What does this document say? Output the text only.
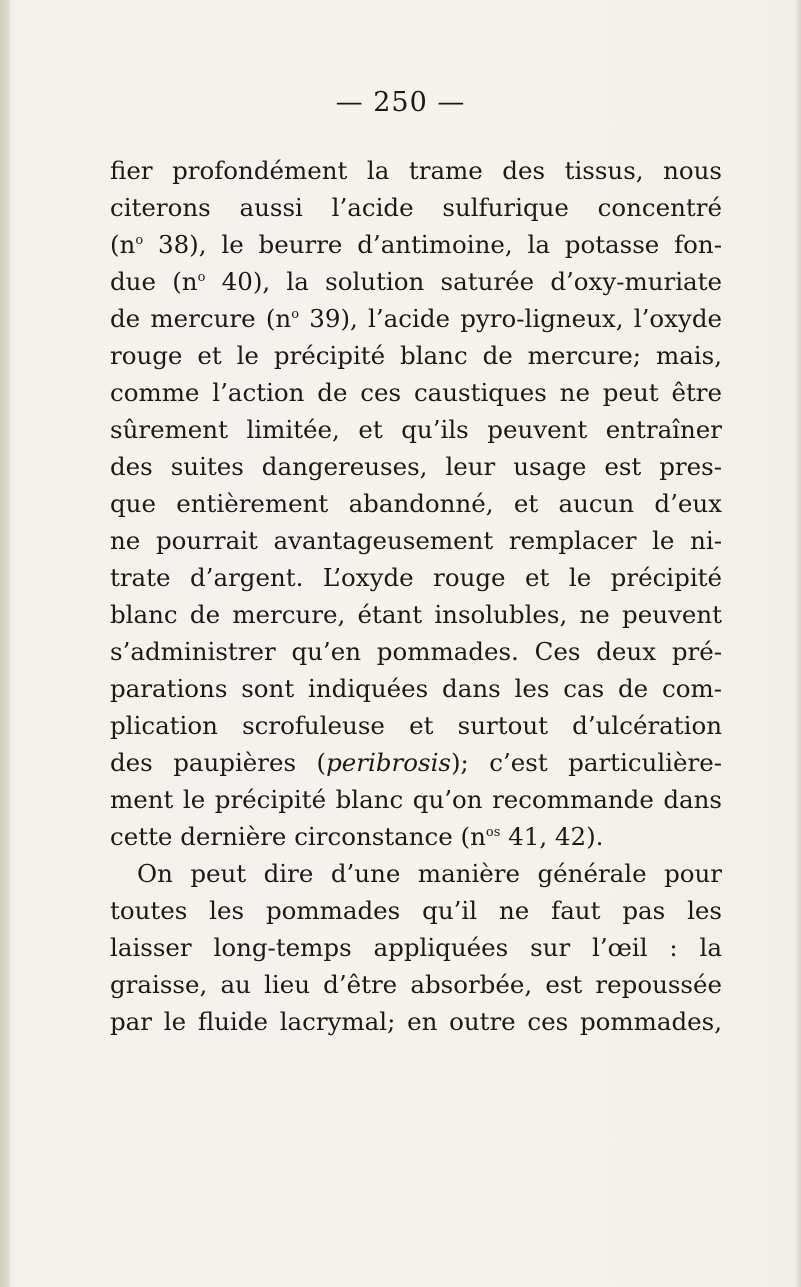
— 250 —
fier profondément la trame des tissus, nous
citerons aussi l’acide sulfurique concentré
($n^o$ 38), le beurre d’antimoine, la potasse fon-
due ($n^o$ 40), la solution saturée d’oxy-muriate
de mercure ($n^o$ 39), l’acide pyro-ligneux, l’oxyde
rouge et le précipité blanc de mercure; mais,
comme l’action de ces caustiques ne peut être
sûrement limitée, et qu’ils peuvent entraîner
des suites dangereuses, leur usage est pres-
que entièrement abandonné, et aucun d’eux
ne pourrait avantageusement remplacer le ni-
trate d’argent. L’oxyde rouge et le précipité
blanc de mercure, étant insolubles, ne peuvent
s’administrer qu’en pommades. Ces deux pré-
parations sont indiquées dans les cas de com-
plication scrofuleuse et surtout d’ulcération
des paupières (peribrosis); c’est particulière-
ment le précipité blanc qu’on recommande dans
cette dernière circonstance ($n^{os}$ 41, 42).
On peut dire d’une manière générale pour
toutes les pommades qu’il ne faut pas les
laisser long-temps appliquées sur l’œil : la
graisse, au lieu d’être absorbée, est repoussée
par le fluide lacrymal; en outre ces pommades,
